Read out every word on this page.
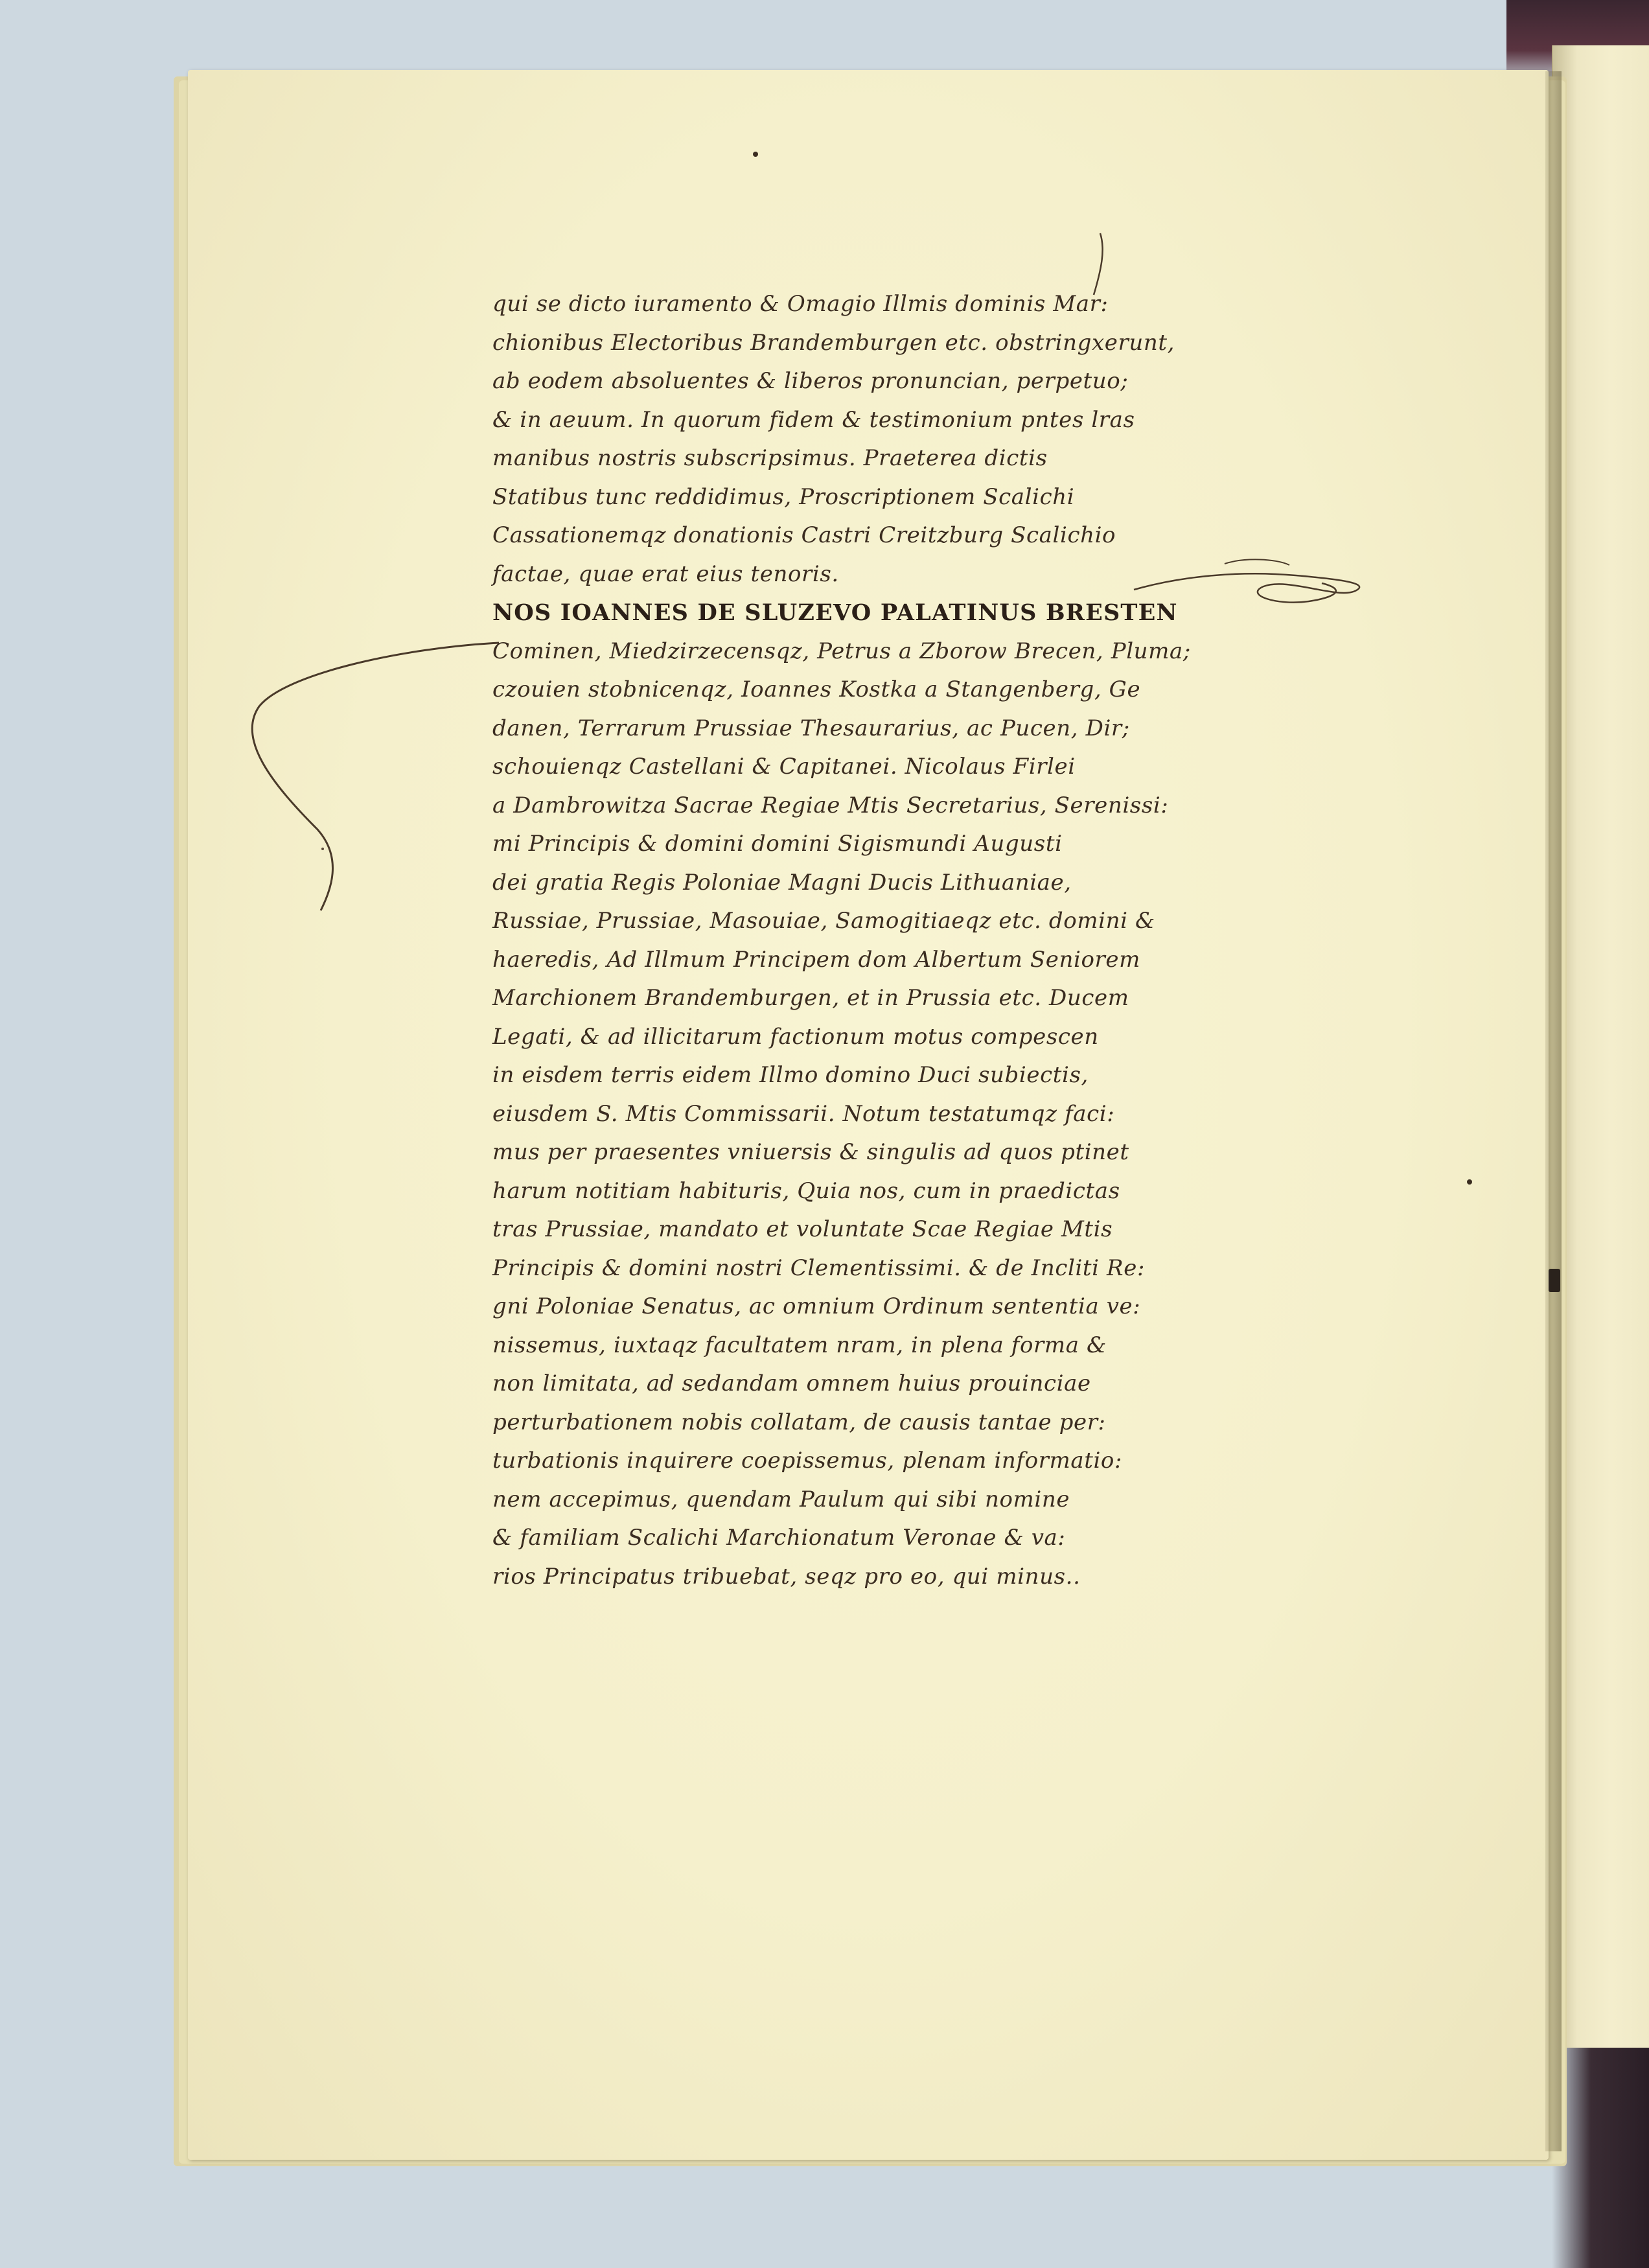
qui se dicto iuramento & Omagio Illmis dominis Mar:
chionibus Electoribus Brandemburgen etc. obstringxerunt,
ab eodem absoluentes & liberos pronuncian, perpetuo;
& in aeuum. In quorum fidem & testimonium pntes lras
manibus nostris subscripsimus. Praeterea dictis
Statibus tunc reddidimus, Proscriptionem Scalichi
Cassationemqz donationis Castri Creitzburg Scalichio
factae, quae erat eius tenoris.
NOS IOANNES DE SLUZEVO PALATINUS BRESTEN
Cominen, Miedzirzecensqz, Petrus a Zborow Brecen, Pluma;
czouien stobnicenqz, Ioannes Kostka a Stangenberg, Ge
danen, Terrarum Prussiae Thesaurarius, ac Pucen, Dir;
schouienqz Castellani & Capitanei. Nicolaus Firlei
a Dambrowitza Sacrae Regiae Mtis Secretarius, Serenissi:
mi Principis & domini domini Sigismundi Augusti
dei gratia Regis Poloniae Magni Ducis Lithuaniae,
Russiae, Prussiae, Masouiae, Samogitiaeqz etc. domini &
haeredis, Ad Illmum Principem dom Albertum Seniorem
Marchionem Brandemburgen, et in Prussia etc. Ducem
Legati, & ad illicitarum factionum motus compescen
in eisdem terris eidem Illmo domino Duci subiectis,
eiusdem S. Mtis Commissarii. Notum testatumqz faci:
mus per praesentes vniuersis & singulis ad quos ptinet
harum notitiam habituris, Quia nos, cum in praedictas
tras Prussiae, mandato et voluntate Scae Regiae Mtis
Principis & domini nostri Clementissimi. & de Incliti Re:
gni Poloniae Senatus, ac omnium Ordinum sententia ve:
nissemus, iuxtaqz facultatem nram, in plena forma &
non limitata, ad sedandam omnem huius prouinciae
perturbationem nobis collatam, de causis tantae per:
turbationis inquirere coepissemus, plenam informatio:
nem accepimus, quendam Paulum qui sibi nomine
& familiam Scalichi Marchionatum Veronae & va:
rios Principatus tribuebat, seqz pro eo, qui minus..
